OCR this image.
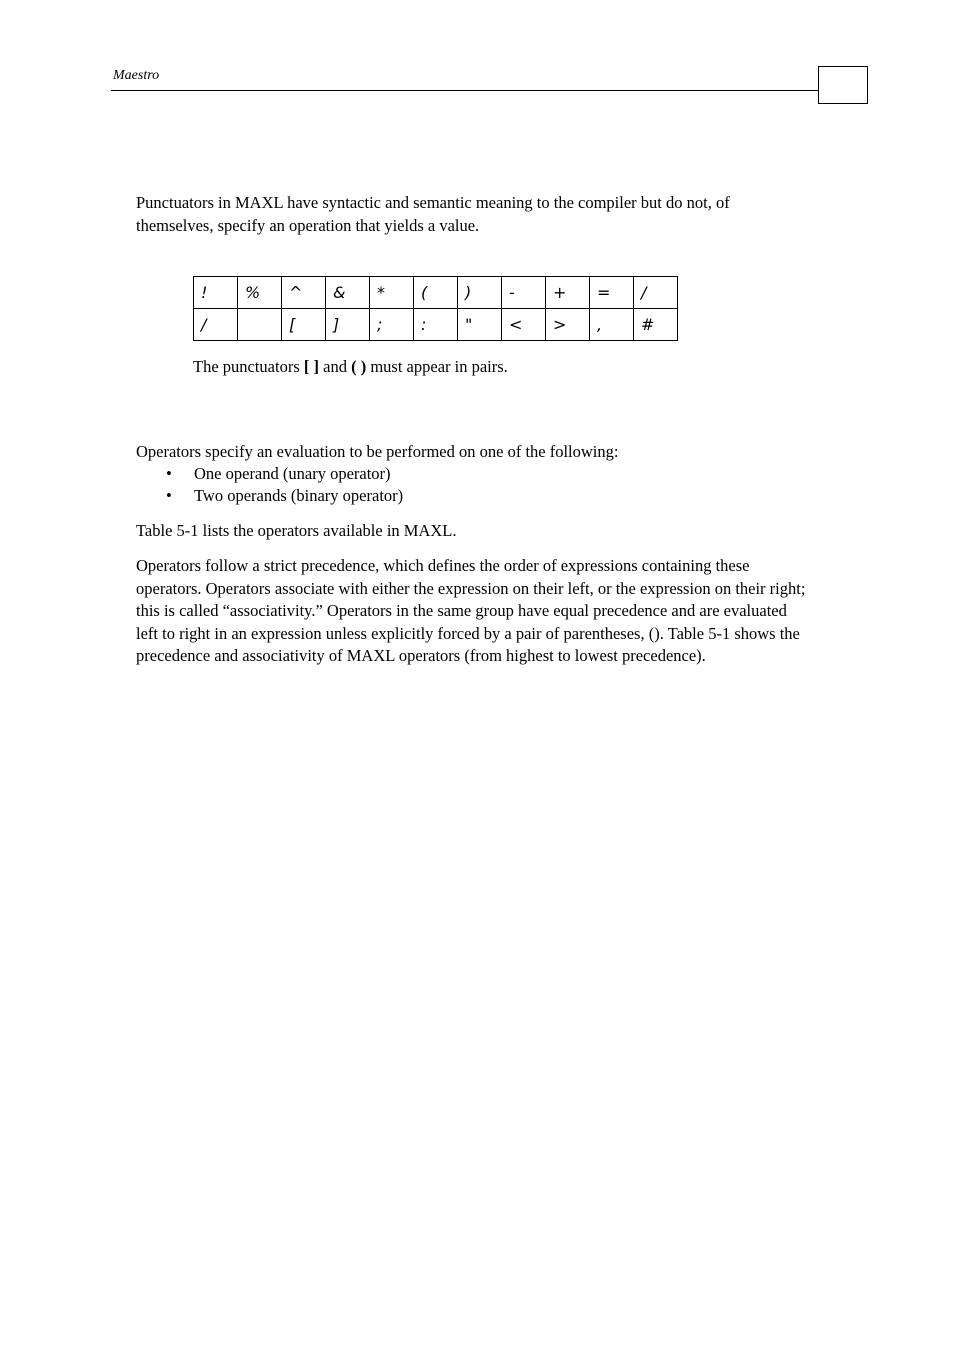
Maestro

Punctuators in MAXL have syntactic and semantic meaning to the compiler but do not, of themselves, specify an operation that yields a value.

!	%	^	&	*	(	)	-	+	=	/
/		[	]	;	:	"	<	>	,	#

The punctuators [ ] and ( ) must appear in pairs.

Operators specify an evaluation to be performed on one of the following:

• One operand (unary operator)
• Two operands (binary operator)

Table 5-1 lists the operators available in MAXL.

Operators follow a strict precedence, which defines the order of expressions containing these operators. Operators associate with either the expression on their left, or the expression on their right; this is called “associativity.” Operators in the same group have equal precedence and are evaluated left to right in an expression unless explicitly forced by a pair of parentheses, (). Table 5-1 shows the precedence and associativity of MAXL operators (from highest to lowest precedence).
